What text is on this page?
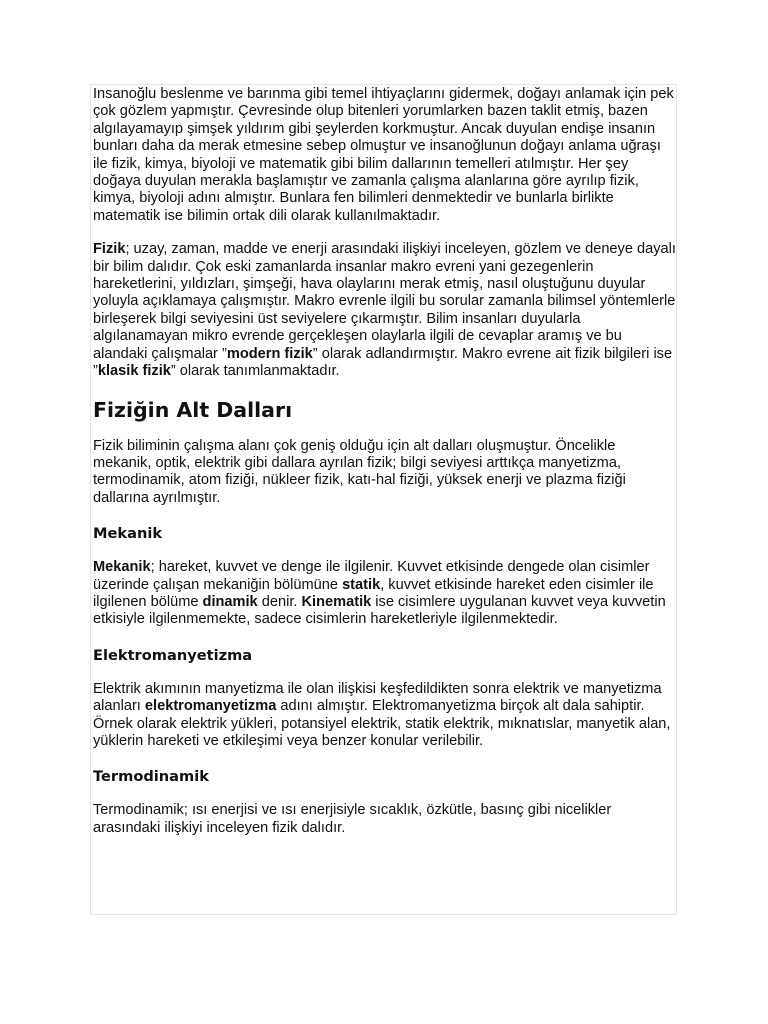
Insanoğlu beslenme ve barınma gibi temel ihtiyaçlarını gidermek, doğayı anlamak için pek çok gözlem yapmıştır. Çevresinde olup bitenleri yorumlarken bazen taklit etmiş, bazen algılayamayıp şimşek yıldırım gibi şeylerden korkmuştur. Ancak duyulan endişe insanın bunları daha da merak etmesine sebep olmuştur ve insanoğlunun doğayı anlama uğraşı ile fizik, kimya, biyoloji ve matematik gibi bilim dallarının temelleri atılmıştır. Her şey doğaya duyulan merakla başlamıştır ve zamanla çalışma alanlarına göre ayrılıp fizik, kimya, biyoloji adını almıştır. Bunlara fen bilimleri denmektedir ve bunlarla birlikte matematik ise bilimin ortak dili olarak kullanılmaktadır.

Fizik; uzay, zaman, madde ve enerji arasındaki ilişkiyi inceleyen, gözlem ve deneye dayalı bir bilim dalıdır. Çok eski zamanlarda insanlar makro evreni yani gezegenlerin hareketlerini, yıldızları, şimşeği, hava olaylarını merak etmiş, nasıl oluştuğunu duyular yoluyla açıklamaya çalışmıştır. Makro evrenle ilgili bu sorular zamanla bilimsel yöntemlerle birleşerek bilgi seviyesini üst seviyelere çıkarmıştır. Bilim insanları duyularla algılanamayan mikro evrende gerçekleşen olaylarla ilgili de cevaplar aramış ve bu alandaki çalışmalar ”modern fizik” olarak adlandırmıştır. Makro evrene ait fizik bilgileri ise ”klasik fizik” olarak tanımlanmaktadır.

Fiziğin Alt Dalları

Fizik biliminin çalışma alanı çok geniş olduğu için alt dalları oluşmuştur. Öncelikle mekanik, optik, elektrik gibi dallara ayrılan fizik; bilgi seviyesi arttıkça manyetizma, termodinamik, atom fiziği, nükleer fizik, katı-hal fiziği, yüksek enerji ve plazma fiziği dallarına ayrılmıştır.

Mekanik

Mekanik; hareket, kuvvet ve denge ile ilgilenir. Kuvvet etkisinde dengede olan cisimler üzerinde çalışan mekaniğin bölümüne statik, kuvvet etkisinde hareket eden cisimler ile ilgilenen bölüme dinamik denir. Kinematik ise cisimlere uygulanan kuvvet veya kuvvetin etkisiyle ilgilenmemekte, sadece cisimlerin hareketleriyle ilgilenmektedir.

Elektromanyetizma

Elektrik akımının manyetizma ile olan ilişkisi keşfedildikten sonra elektrik ve manyetizma alanları elektromanyetizma adını almıştır. Elektromanyetizma birçok alt dala sahiptir. Örnek olarak elektrik yükleri, potansiyel elektrik, statik elektrik, mıknatıslar, manyetik alan, yüklerin hareketi ve etkileşimi veya benzer konular verilebilir.

Termodinamik

Termodinamik; ısı enerjisi ve ısı enerjisiyle sıcaklık, özkütle, basınç gibi nicelikler arasındaki ilişkiyi inceleyen fizik dalıdır.
